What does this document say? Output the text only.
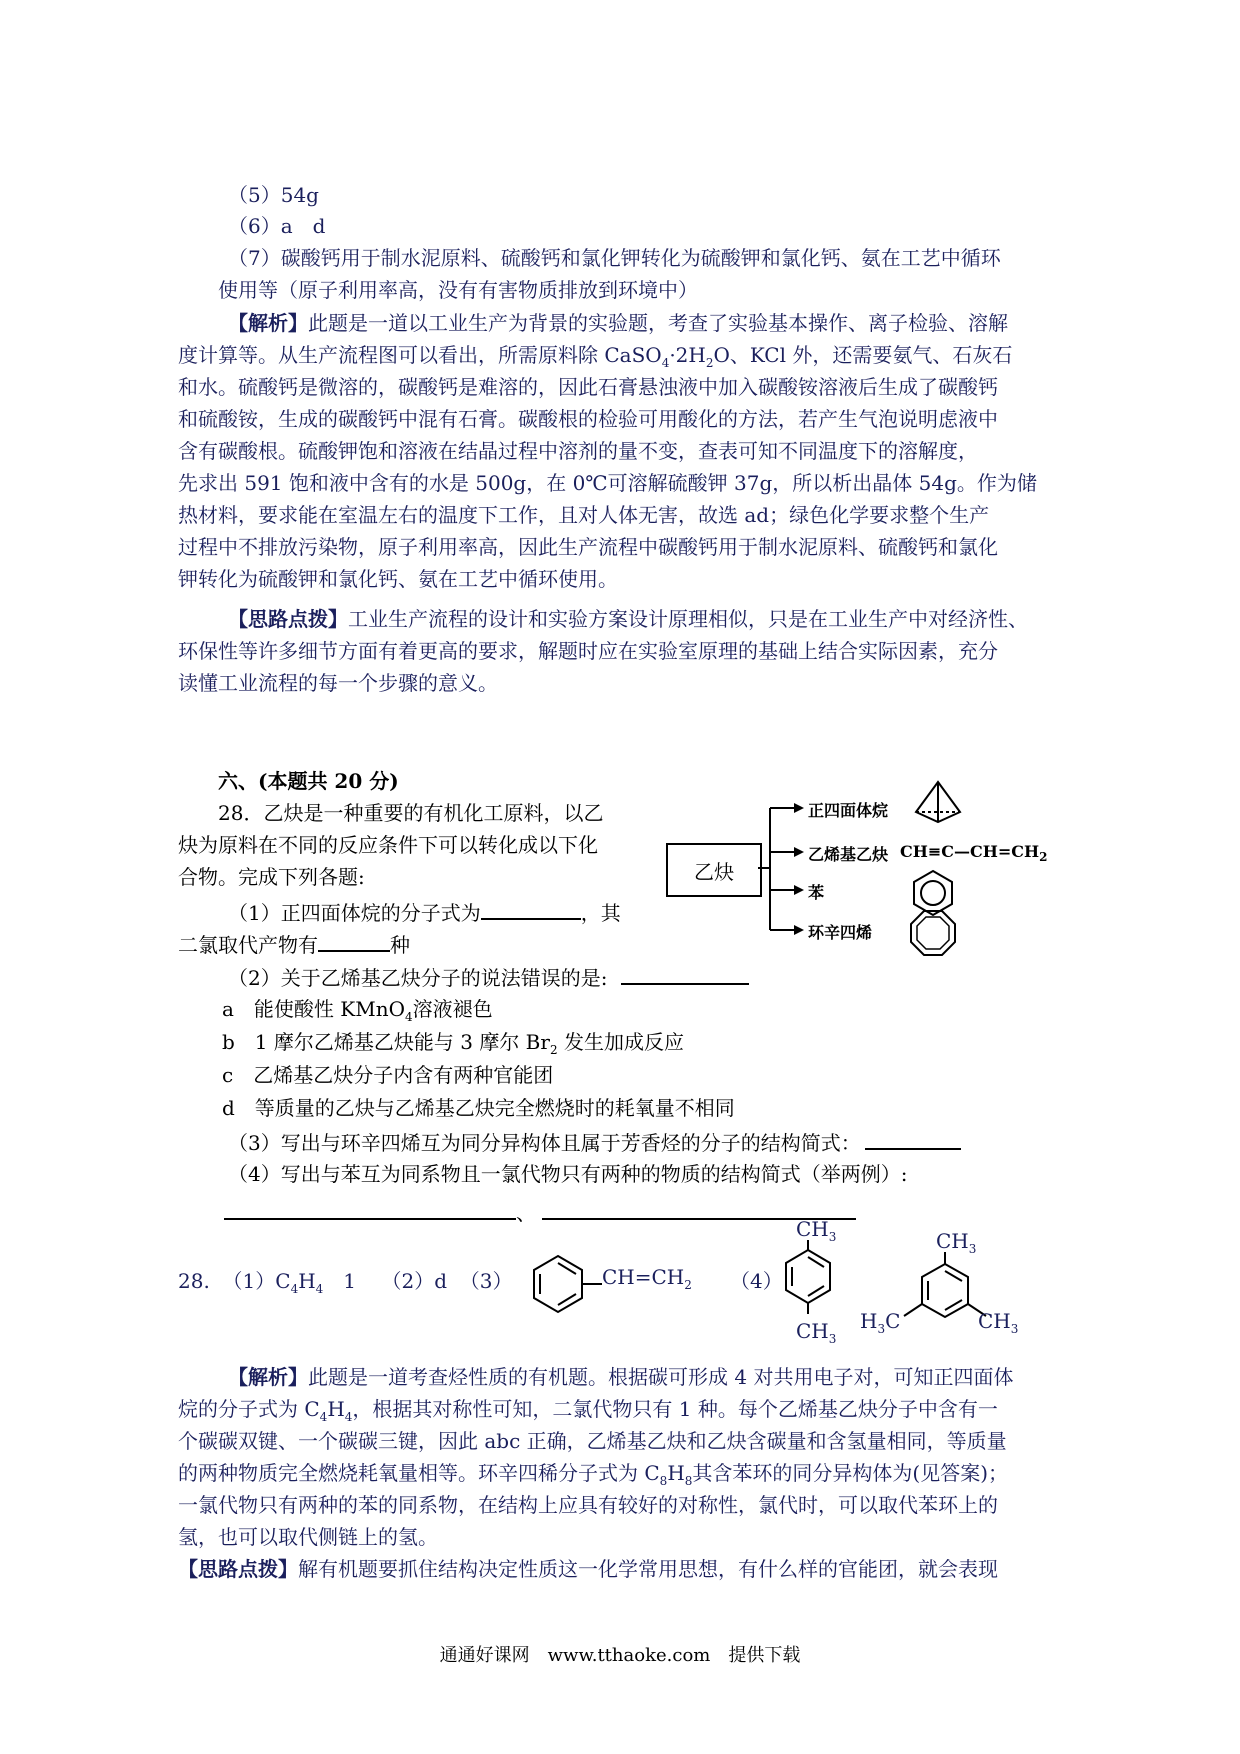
（5）54g
（6）a　d
（7）碳酸钙用于制水泥原料、硫酸钙和氯化钾转化为硫酸钾和氯化钙、氨在工艺中循环
使用等（原子利用率高，没有有害物质排放到环境中）
【解析】此题是一道以工业生产为背景的实验题，考查了实验基本操作、离子检验、溶解
度计算等。从生产流程图可以看出，所需原料除 $CaSO_4\cdot 2H_2O$、KCl 外，还需要氨气、石灰石
和水。硫酸钙是微溶的，碳酸钙是难溶的，因此石膏悬浊液中加入碳酸铵溶液后生成了碳酸钙
和硫酸铵，生成的碳酸钙中混有石膏。碳酸根的检验可用酸化的方法，若产生气泡说明虑液中
含有碳酸根。硫酸钾饱和溶液在结晶过程中溶剂的量不变，查表可知不同温度下的溶解度，
先求出 591 饱和液中含有的水是 500g，在 0℃可溶解硫酸钾 37g，所以析出晶体 54g。作为储
热材料，要求能在室温左右的温度下工作，且对人体无害，故选 ad；绿色化学要求整个生产
过程中不排放污染物，原子利用率高，因此生产流程中碳酸钙用于制水泥原料、硫酸钙和氯化
钾转化为硫酸钾和氯化钙、氨在工艺中循环使用。
【思路点拨】工业生产流程的设计和实验方案设计原理相似，只是在工业生产中对经济性、
环保性等许多细节方面有着更高的要求，解题时应在实验室原理的基础上结合实际因素，充分
读懂工业流程的每一个步骤的意义。
六、(本题共 20 分)
28．乙炔是一种重要的有机化工原料，以乙
炔为原料在不同的反应条件下可以转化成以下化
合物。完成下列各题:
（1）正四面体烷的分子式为	，其
二氯取代产物有	种
（2）关于乙烯基乙炔分子的说法错误的是:
a　能使酸性 KMnO$_4$溶液褪色
b　1 摩尔乙烯基乙炔能与 3 摩尔 $Br_2$ 发生加成反应
c　乙烯基乙炔分子内含有两种官能团
d　等质量的乙炔与乙烯基乙炔完全燃烧时的耗氧量不相同
（3）写出与环辛四烯互为同分异构体且属于芳香烃的分子的结构简式：
（4）写出与苯互为同系物且一氯代物只有两种的物质的结构简式（举两例）:
、
乙炔
正四面体烷
乙烯基乙炔 $CH\equiv C—CH=CH_2$
苯
环辛四烯
28. $(1)C_4H_4$　1 （2）d （3）	（4）
$CH=CH_2$
$CH_3$
$CH_3$
$CH_3$
$H_3C$	$CH_3$
【解析】此题是一道考查烃性质的有机题。根据碳可形成 4 对共用电子对，可知正四面体
烷的分子式为 $C_4H_4$，根据其对称性可知，二氯代物只有 1 种。每个乙烯基乙炔分子中含有一
个碳碳双键、一个碳碳三键，因此 abc 正确，乙烯基乙炔和乙炔含碳量和含氢量相同，等质量
的两种物质完全燃烧耗氧量相等。环辛四稀分子式为 $C_8H_8$其含苯环的同分异构体为(见答案)；
一氯代物只有两种的苯的同系物，在结构上应具有较好的对称性，氯代时，可以取代苯环上的
氢，也可以取代侧链上的氢。
【思路点拨】解有机题要抓住结构决定性质这一化学常用思想，有什么样的官能团，就会表现
通通好课网　www.tthaoke.com　提供下载
